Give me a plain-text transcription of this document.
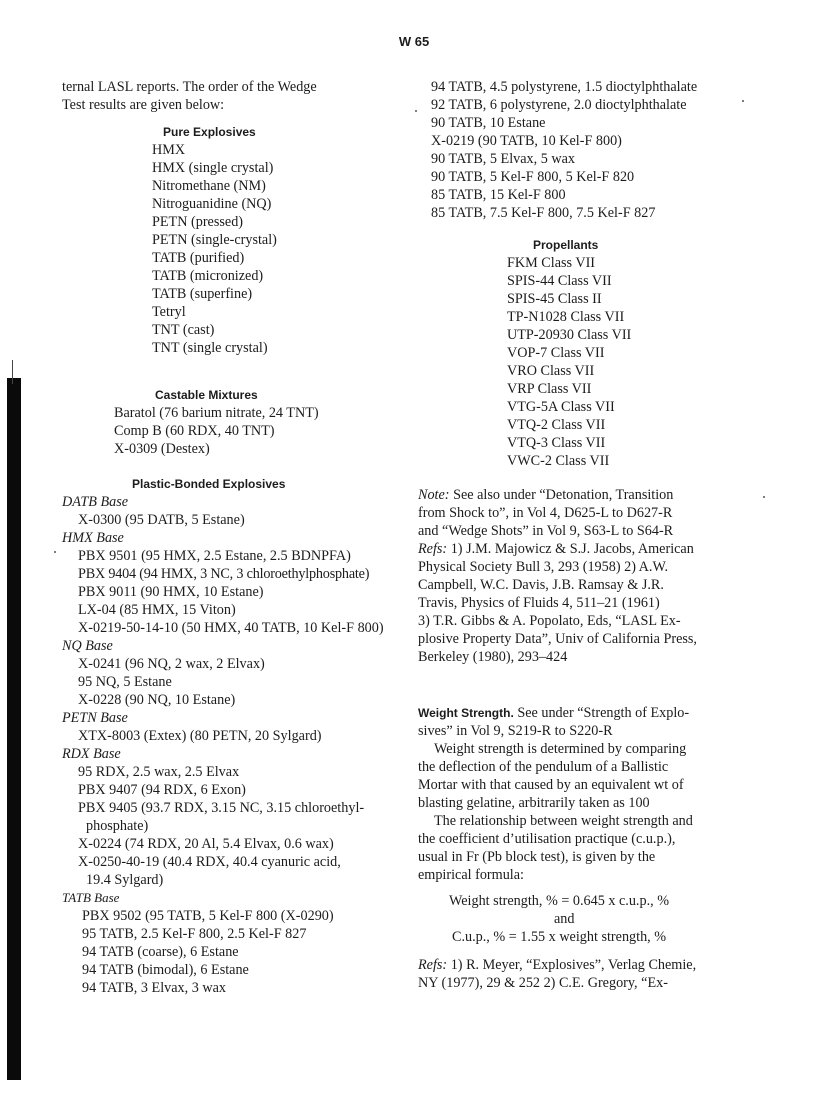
W 65
ternal LASL reports. The order of the Wedge
Test results are given below:
Pure Explosives
HMX
HMX (single crystal)
Nitromethane (NM)
Nitroguanidine (NQ)
PETN (pressed)
PETN (single-crystal)
TATB (purified)
TATB (micronized)
TATB (superfine)
Tetryl
TNT (cast)
TNT (single crystal)
Castable Mixtures
Baratol (76 barium nitrate, 24 TNT)
Comp B (60 RDX, 40 TNT)
X-0309 (Destex)
Plastic-Bonded Explosives
DATB Base
X-0300 (95 DATB, 5 Estane)
HMX Base
PBX 9501 (95 HMX, 2.5 Estane, 2.5 BDNPFA)
PBX 9404 (94 HMX, 3 NC, 3 chloroethylphosphate)
PBX 9011 (90 HMX, 10 Estane)
LX-04 (85 HMX, 15 Viton)
X-0219-50-14-10 (50 HMX, 40 TATB, 10 Kel-F 800)
NQ Base
X-0241 (96 NQ, 2 wax, 2 Elvax)
95 NQ, 5 Estane
X-0228 (90 NQ, 10 Estane)
PETN Base
XTX-8003 (Extex) (80 PETN, 20 Sylgard)
RDX Base
95 RDX, 2.5 wax, 2.5 Elvax
PBX 9407 (94 RDX, 6 Exon)
PBX 9405 (93.7 RDX, 3.15 NC, 3.15 chloroethyl-
phosphate)
X-0224 (74 RDX, 20 Al, 5.4 Elvax, 0.6 wax)
X-0250-40-19 (40.4 RDX, 40.4 cyanuric acid,
19.4 Sylgard)
TATB Base
PBX 9502 (95 TATB, 5 Kel-F 800 (X-0290)
95 TATB, 2.5 Kel-F 800, 2.5 Kel-F 827
94 TATB (coarse), 6 Estane
94 TATB (bimodal), 6 Estane
94 TATB, 3 Elvax, 3 wax
94 TATB, 4.5 polystyrene, 1.5 dioctylphthalate
92 TATB, 6 polystyrene, 2.0 dioctylphthalate
90 TATB, 10 Estane
X-0219 (90 TATB, 10 Kel-F 800)
90 TATB, 5 Elvax, 5 wax
90 TATB, 5 Kel-F 800, 5 Kel-F 820
85 TATB, 15 Kel-F 800
85 TATB, 7.5 Kel-F 800, 7.5 Kel-F 827
Propellants
FKM Class VII
SPIS-44 Class VII
SPIS-45 Class II
TP-N1028 Class VII
UTP-20930 Class VII
VOP-7 Class VII
VRO Class VII
VRP Class VII
VTG-5A Class VII
VTQ-2 Class VII
VTQ-3 Class VII
VWC-2 Class VII
Note: See also under “Detonation, Transition
from Shock to”, in Vol 4, D625-L to D627-R
and “Wedge Shots” in Vol 9, S63-L to S64-R
Refs: 1) J.M. Majowicz & S.J. Jacobs, American
Physical Society Bull 3, 293 (1958) 2) A.W.
Campbell, W.C. Davis, J.B. Ramsay & J.R.
Travis, Physics of Fluids 4, 511–21 (1961)
3) T.R. Gibbs & A. Popolato, Eds, “LASL Ex-
plosive Property Data”, Univ of California Press,
Berkeley (1980), 293–424
Weight Strength. See under “Strength of Explo-
sives” in Vol 9, S219-R to S220-R
Weight strength is determined by comparing
the deflection of the pendulum of a Ballistic
Mortar with that caused by an equivalent wt of
blasting gelatine, arbitrarily taken as 100
The relationship between weight strength and
the coefficient d’utilisation practique (c.u.p.),
usual in Fr (Pb block test), is given by the
empirical formula:
Weight strength, % = 0.645 x c.u.p., %
and
C.u.p., % = 1.55 x weight strength, %
Refs: 1) R. Meyer, “Explosives”, Verlag Chemie,
NY (1977), 29 & 252 2) C.E. Gregory, “Ex-
